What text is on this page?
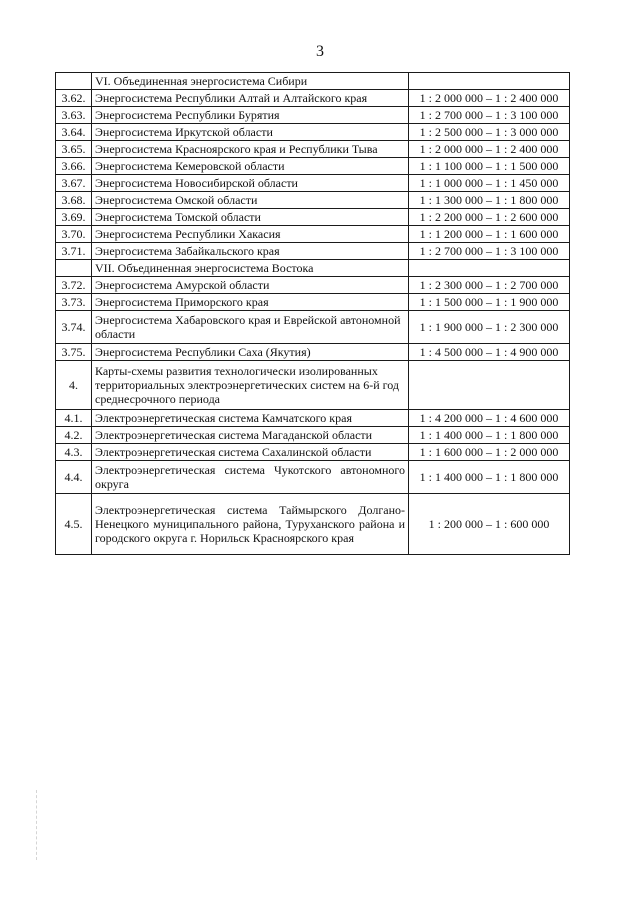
3
	VI. Объединенная энергосистема Сибири	
3.62.	Энергосистема Республики Алтай и Алтайского края	1 : 2 000 000 – 1 : 2 400 000
3.63.	Энергосистема Республики Бурятия	1 : 2 700 000 – 1 : 3 100 000
3.64.	Энергосистема Иркутской области	1 : 2 500 000 – 1 : 3 000 000
3.65.	Энергосистема Красноярского края и Республики Тыва	1 : 2 000 000 – 1 : 2 400 000
3.66.	Энергосистема Кемеровской области	1 : 1 100 000 – 1 : 1 500 000
3.67.	Энергосистема Новосибирской области	1 : 1 000 000 – 1 : 1 450 000
3.68.	Энергосистема Омской области	1 : 1 300 000 – 1 : 1 800 000
3.69.	Энергосистема Томской области	1 : 2 200 000 – 1 : 2 600 000
3.70.	Энергосистема Республики Хакасия	1 : 1 200 000 – 1 : 1 600 000
3.71.	Энергосистема Забайкальского края	1 : 2 700 000 – 1 : 3 100 000
	VII. Объединенная энергосистема Востока	
3.72.	Энергосистема Амурской области	1 : 2 300 000 – 1 : 2 700 000
3.73.	Энергосистема Приморского края	1 : 1 500 000 – 1 : 1 900 000
3.74.	Энергосистема Хабаровского края и Еврейской автономной области	1 : 1 900 000 – 1 : 2 300 000
3.75.	Энергосистема Республики Саха (Якутия)	1 : 4 500 000 – 1 : 4 900 000
4.	Карты-схемы развития технологически изолированных территориальных электроэнергетических систем на 6-й год среднесрочного периода	
4.1.	Электроэнергетическая система Камчатского края	1 : 4 200 000 – 1 : 4 600 000
4.2.	Электроэнергетическая система Магаданской области	1 : 1 400 000 – 1 : 1 800 000
4.3.	Электроэнергетическая система Сахалинской области	1 : 1 600 000 – 1 : 2 000 000
4.4.	Электроэнергетическая система Чукотского автономного округа	1 : 1 400 000 – 1 : 1 800 000
4.5.	Электроэнергетическая система Таймырского Долгано-Ненецкого муниципального района, Туруханского района и городского округа г. Норильск Красноярского края	1 : 200 000 – 1 : 600 000
